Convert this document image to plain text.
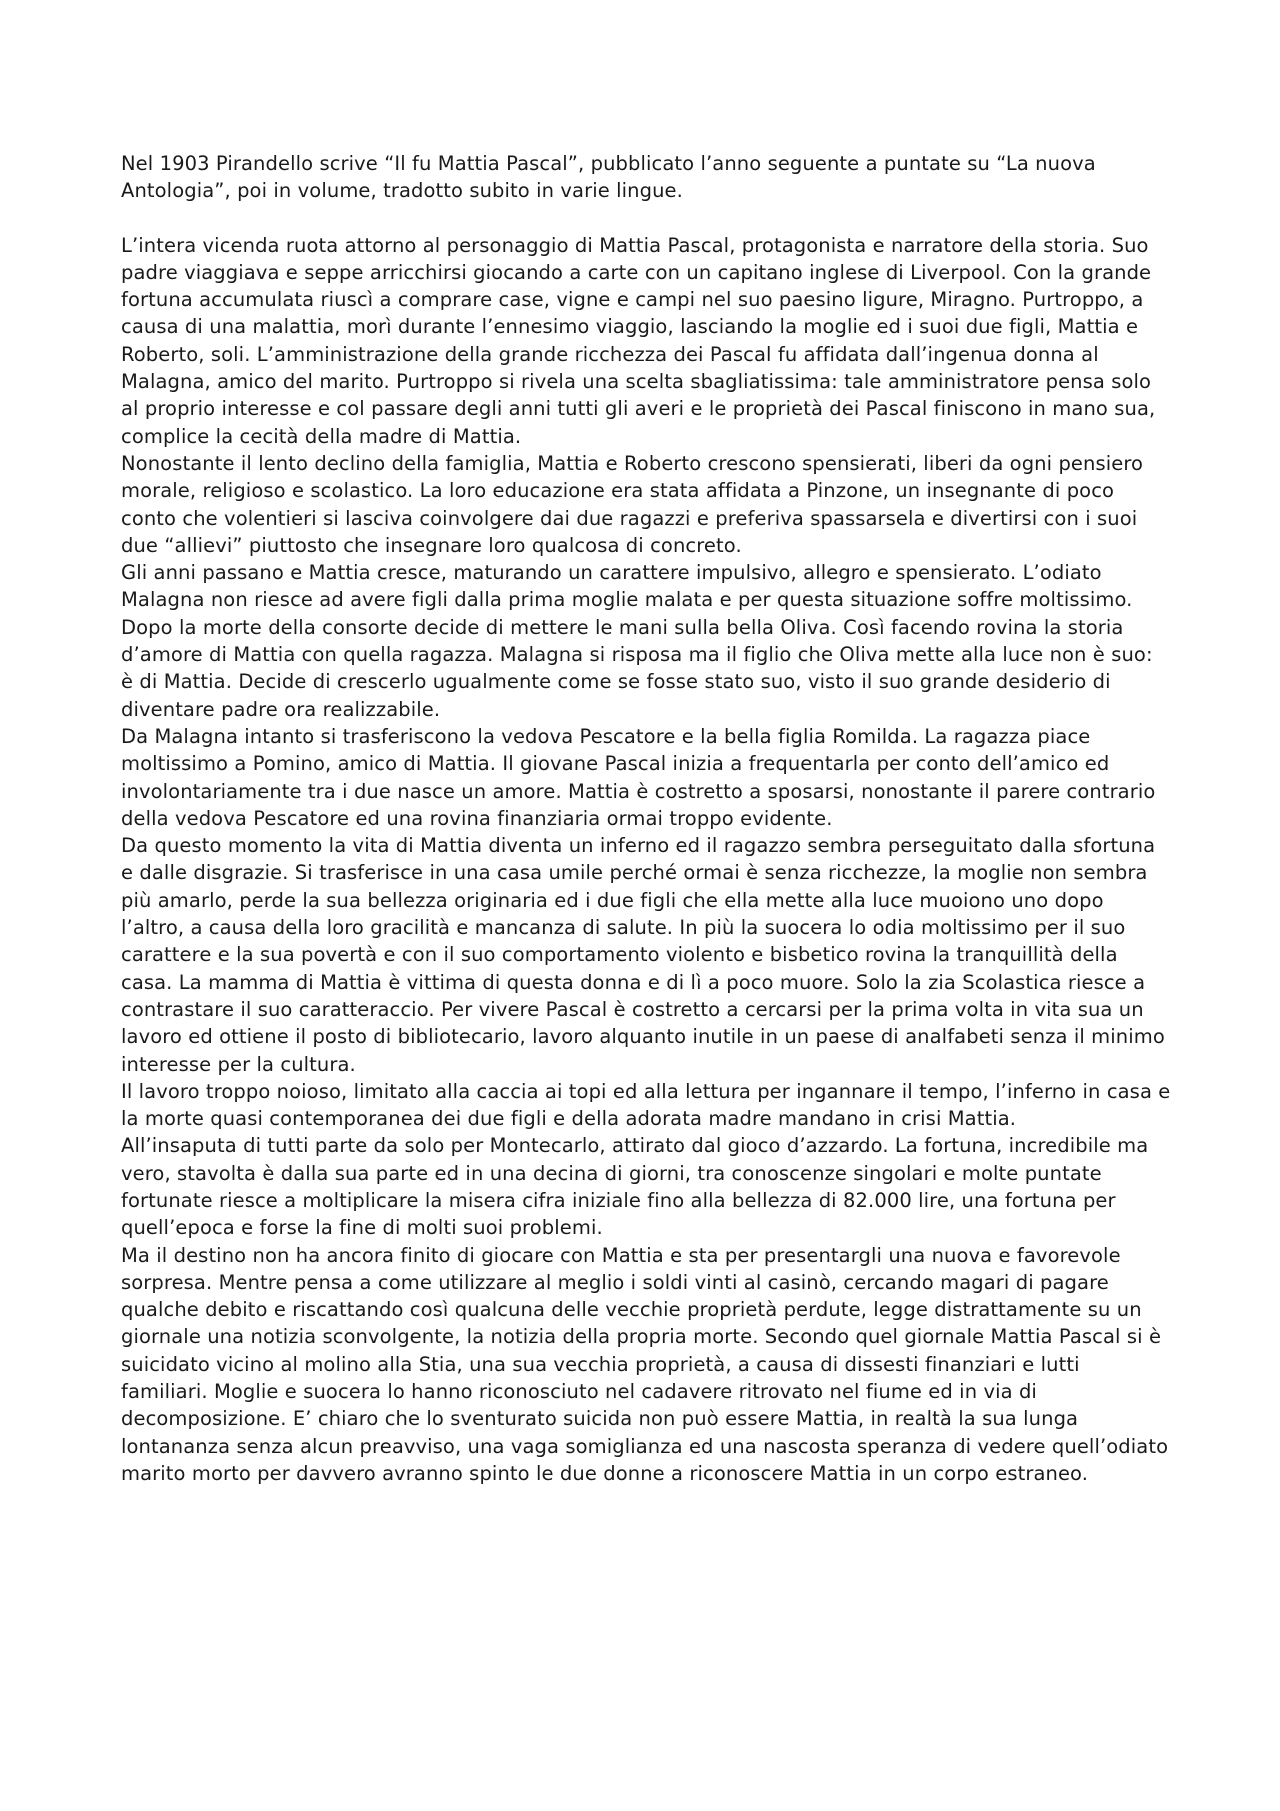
Nel 1903 Pirandello scrive “Il fu Mattia Pascal”, pubblicato l’anno seguente a puntate su “La nuova Antologia”, poi in volume, tradotto subito in varie lingue.

L’intera vicenda ruota attorno al personaggio di Mattia Pascal, protagonista e narratore della storia. Suo padre viaggiava e seppe arricchirsi giocando a carte con un capitano inglese di Liverpool. Con la grande fortuna accumulata riuscì a comprare case, vigne e campi nel suo paesino ligure, Miragno. Purtroppo, a causa di una malattia, morì durante l’ennesimo viaggio, lasciando la moglie ed i suoi due figli, Mattia e Roberto, soli. L’amministrazione della grande ricchezza dei Pascal fu affidata dall’ingenua donna al Malagna, amico del marito. Purtroppo si rivela una scelta sbagliatissima: tale amministratore pensa solo al proprio interesse e col passare degli anni tutti gli averi e le proprietà dei Pascal finiscono in mano sua, complice la cecità della madre di Mattia.

Nonostante il lento declino della famiglia, Mattia e Roberto crescono spensierati, liberi da ogni pensiero morale, religioso e scolastico. La loro educazione era stata affidata a Pinzone, un insegnante di poco conto che volentieri si lasciva coinvolgere dai due ragazzi e preferiva spassarsela e divertirsi con i suoi due “allievi” piuttosto che insegnare loro qualcosa di concreto.

Gli anni passano e Mattia cresce, maturando un carattere impulsivo, allegro e spensierato. L’odiato Malagna non riesce ad avere figli dalla prima moglie malata e per questa situazione soffre moltissimo. Dopo la morte della consorte decide di mettere le mani sulla bella Oliva. Così facendo rovina la storia d’amore di Mattia con quella ragazza. Malagna si risposa ma il figlio che Oliva mette alla luce non è suo: è di Mattia. Decide di crescerlo ugualmente come se fosse stato suo, visto il suo grande desiderio di diventare padre ora realizzabile.

Da Malagna intanto si trasferiscono la vedova Pescatore e la bella figlia Romilda. La ragazza piace moltissimo a Pomino, amico di Mattia. Il giovane Pascal inizia a frequentarla per conto dell’amico ed involontariamente tra i due nasce un amore. Mattia è costretto a sposarsi, nonostante il parere contrario della vedova Pescatore ed una rovina finanziaria ormai troppo evidente.

Da questo momento la vita di Mattia diventa un inferno ed il ragazzo sembra perseguitato dalla sfortuna e dalle disgrazie. Si trasferisce in una casa umile perché ormai è senza ricchezze, la moglie non sembra più amarlo, perde la sua bellezza originaria ed i due figli che ella mette alla luce muoiono uno dopo l’altro, a causa della loro gracilità e mancanza di salute. In più la suocera lo odia moltissimo per il suo carattere e la sua povertà e con il suo comportamento violento e bisbetico rovina la tranquillità della casa. La mamma di Mattia è vittima di questa donna e di lì a poco muore. Solo la zia Scolastica riesce a contrastare il suo caratteraccio. Per vivere Pascal è costretto a cercarsi per la prima volta in vita sua un lavoro ed ottiene il posto di bibliotecario, lavoro alquanto inutile in un paese di analfabeti senza il minimo interesse per la cultura.

Il lavoro troppo noioso, limitato alla caccia ai topi ed alla lettura per ingannare il tempo, l’inferno in casa e la morte quasi contemporanea dei due figli e della adorata madre mandano in crisi Mattia.

All’insaputa di tutti parte da solo per Montecarlo, attirato dal gioco d’azzardo. La fortuna, incredibile ma vero, stavolta è dalla sua parte ed in una decina di giorni, tra conoscenze singolari e molte puntate fortunate riesce a moltiplicare la misera cifra iniziale fino alla bellezza di 82.000 lire, una fortuna per quell’epoca e forse la fine di molti suoi problemi.

Ma il destino non ha ancora finito di giocare con Mattia e sta per presentargli una nuova e favorevole sorpresa. Mentre pensa a come utilizzare al meglio i soldi vinti al casinò, cercando magari di pagare qualche debito e riscattando così qualcuna delle vecchie proprietà perdute, legge distrattamente su un giornale una notizia sconvolgente, la notizia della propria morte. Secondo quel giornale Mattia Pascal si è suicidato vicino al molino alla Stia, una sua vecchia proprietà, a causa di dissesti finanziari e lutti familiari. Moglie e suocera lo hanno riconosciuto nel cadavere ritrovato nel fiume ed in via di decomposizione. E’ chiaro che lo sventurato suicida non può essere Mattia, in realtà la sua lunga lontananza senza alcun preavviso, una vaga somiglianza ed una nascosta speranza di vedere quell’odiato marito morto per davvero avranno spinto le due donne a riconoscere Mattia in un corpo estraneo.
